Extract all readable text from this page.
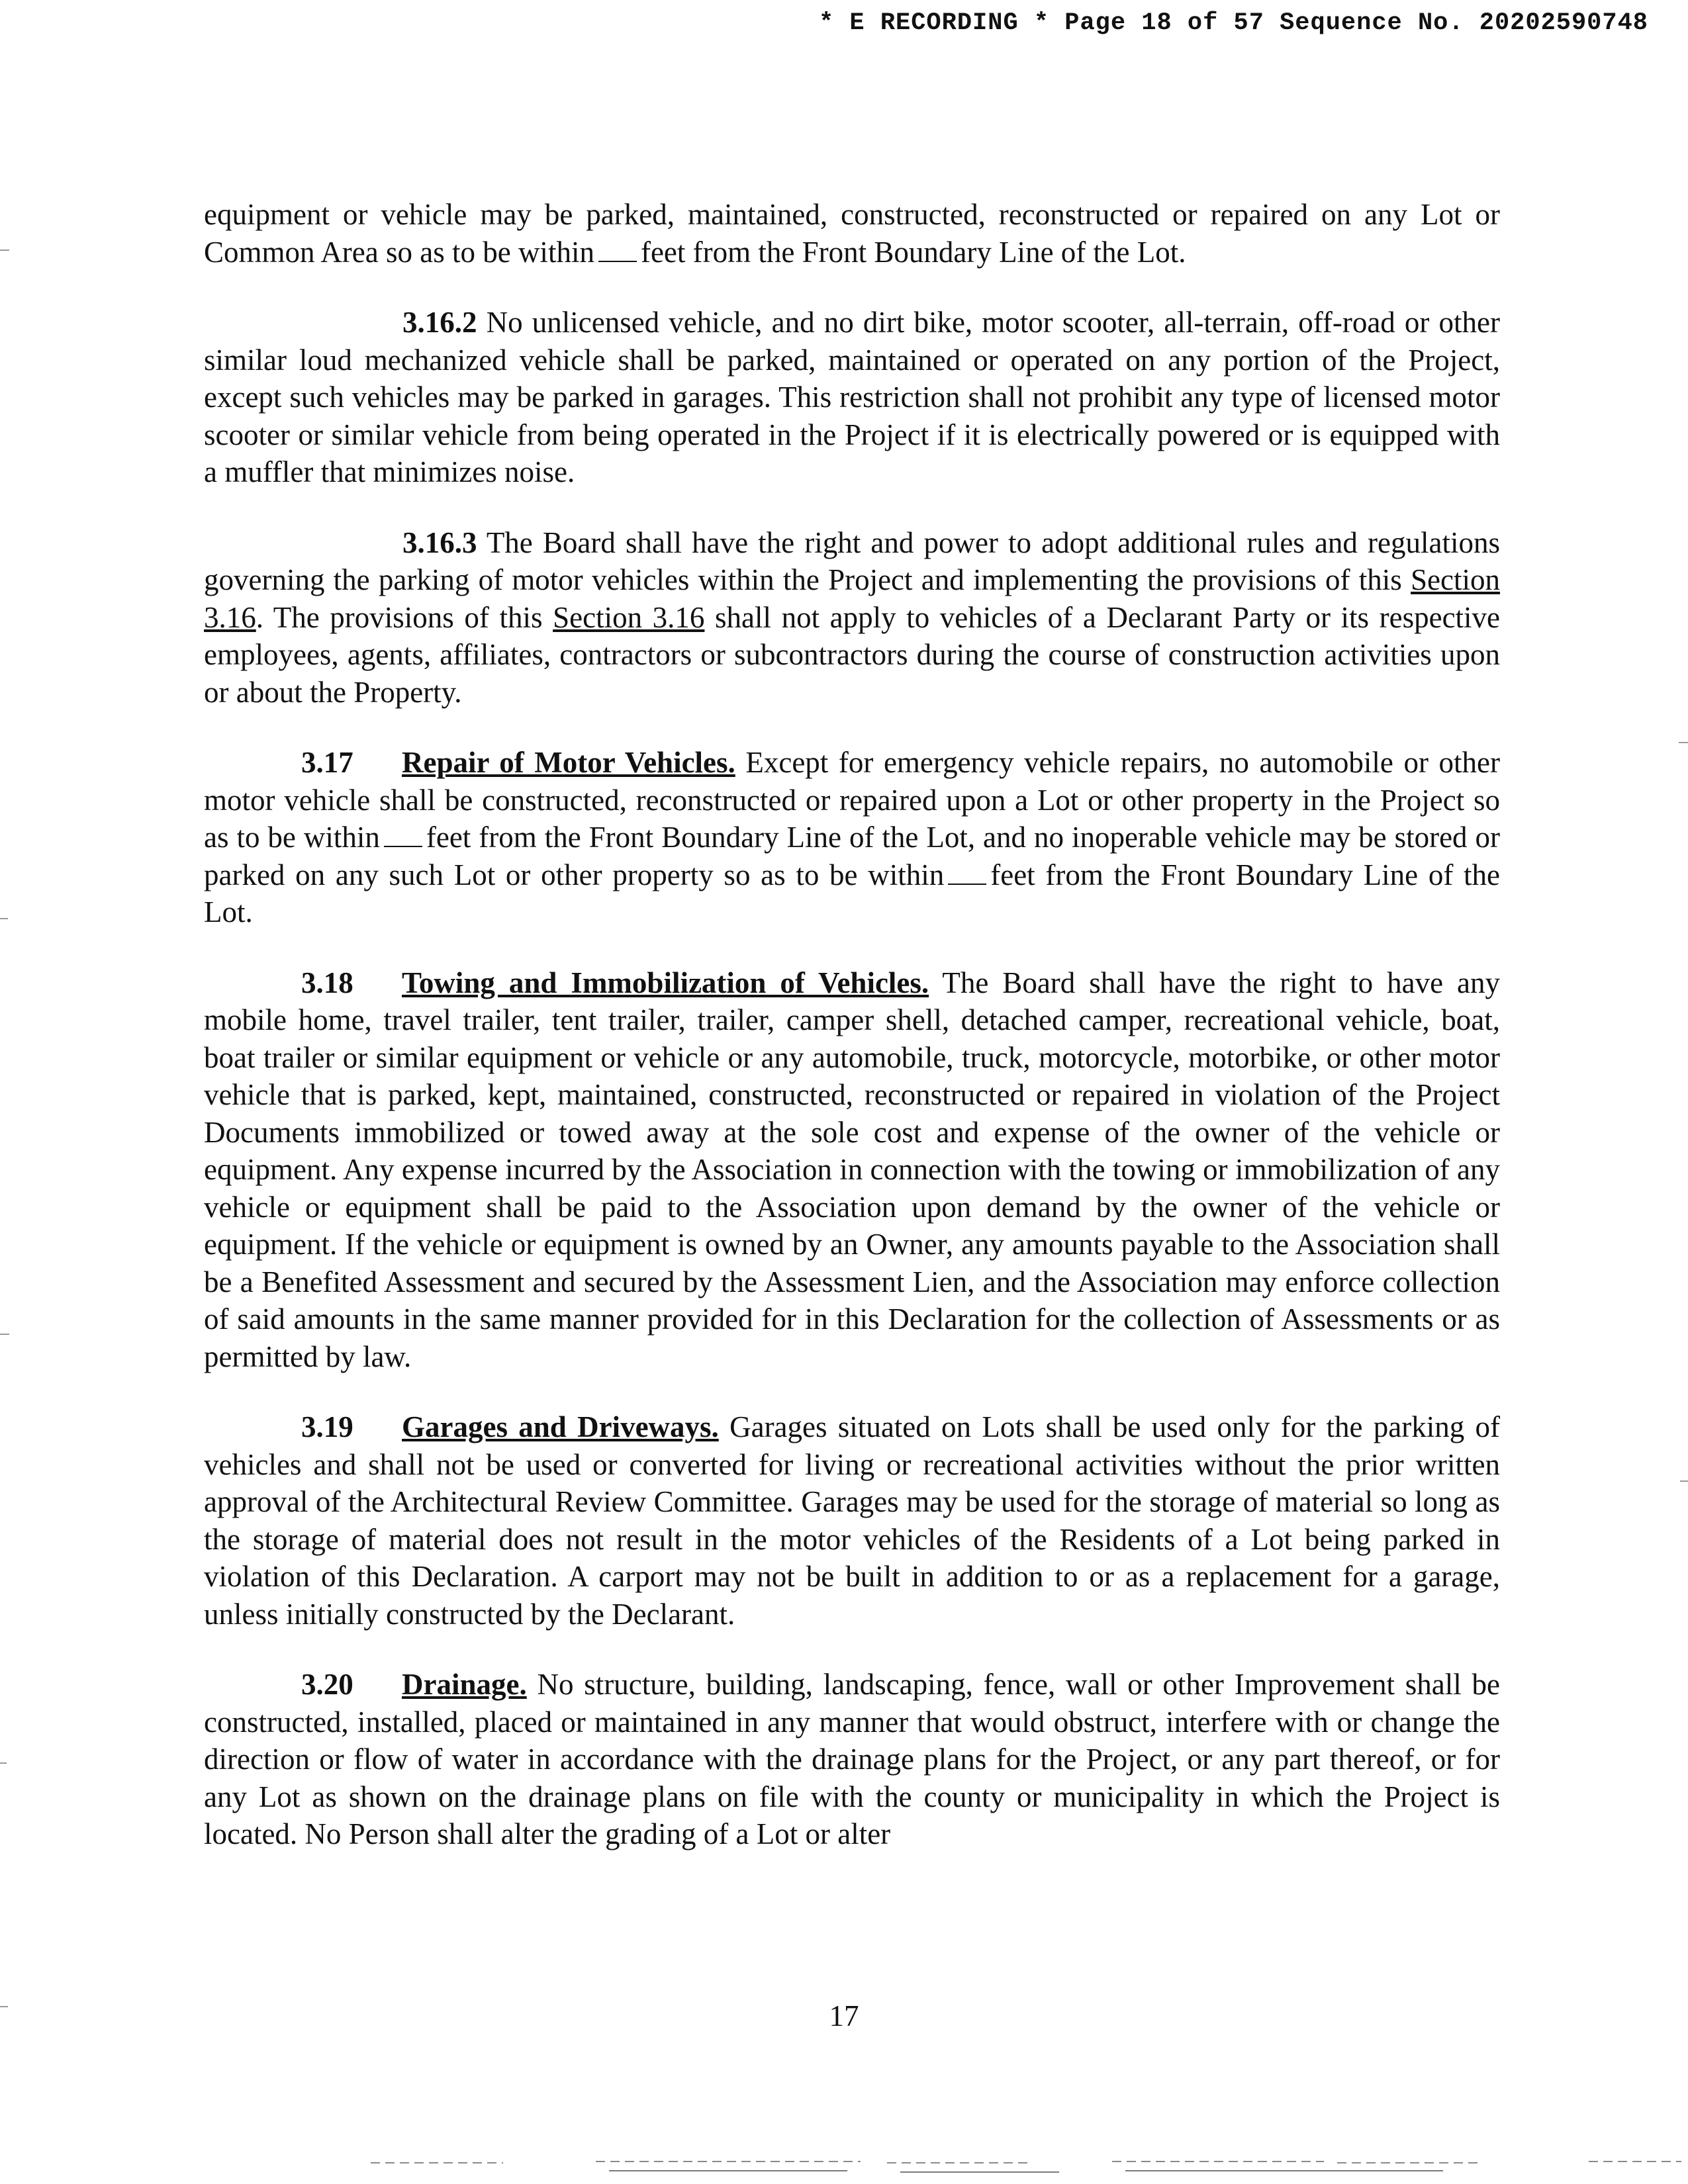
* E RECORDING * Page 18 of 57 Sequence No. 20202590748

equipment or vehicle may be parked, maintained, constructed, reconstructed or repaired on any Lot or Common Area so as to be within feet from the Front Boundary Line of the Lot.

3.16.2 No unlicensed vehicle, and no dirt bike, motor scooter, all-terrain, off-road or other similar loud mechanized vehicle shall be parked, maintained or operated on any portion of the Project, except such vehicles may be parked in garages. This restriction shall not prohibit any type of licensed motor scooter or similar vehicle from being operated in the Project if it is electrically powered or is equipped with a muffler that minimizes noise.

3.16.3 The Board shall have the right and power to adopt additional rules and regulations governing the parking of motor vehicles within the Project and implementing the provisions of this Section 3.16. The provisions of this Section 3.16 shall not apply to vehicles of a Declarant Party or its respective employees, agents, affiliates, contractors or subcontractors during the course of construction activities upon or about the Property.

3.17 Repair of Motor Vehicles. Except for emergency vehicle repairs, no automobile or other motor vehicle shall be constructed, reconstructed or repaired upon a Lot or other property in the Project so as to be within feet from the Front Boundary Line of the Lot, and no inoperable vehicle may be stored or parked on any such Lot or other property so as to be within feet from the Front Boundary Line of the Lot.

3.18 Towing and Immobilization of Vehicles. The Board shall have the right to have any mobile home, travel trailer, tent trailer, trailer, camper shell, detached camper, recreational vehicle, boat, boat trailer or similar equipment or vehicle or any automobile, truck, motorcycle, motorbike, or other motor vehicle that is parked, kept, maintained, constructed, reconstructed or repaired in violation of the Project Documents immobilized or towed away at the sole cost and expense of the owner of the vehicle or equipment. Any expense incurred by the Association in connection with the towing or immobilization of any vehicle or equipment shall be paid to the Association upon demand by the owner of the vehicle or equipment. If the vehicle or equipment is owned by an Owner, any amounts payable to the Association shall be a Benefited Assessment and secured by the Assessment Lien, and the Association may enforce collection of said amounts in the same manner provided for in this Declaration for the collection of Assessments or as permitted by law.

3.19 Garages and Driveways. Garages situated on Lots shall be used only for the parking of vehicles and shall not be used or converted for living or recreational activities without the prior written approval of the Architectural Review Committee. Garages may be used for the storage of material so long as the storage of material does not result in the motor vehicles of the Residents of a Lot being parked in violation of this Declaration. A carport may not be built in addition to or as a replacement for a garage, unless initially constructed by the Declarant.

3.20 Drainage. No structure, building, landscaping, fence, wall or other Improvement shall be constructed, installed, placed or maintained in any manner that would obstruct, interfere with or change the direction or flow of water in accordance with the drainage plans for the Project, or any part thereof, or for any Lot as shown on the drainage plans on file with the county or municipality in which the Project is located. No Person shall alter the grading of a Lot or alter

17
